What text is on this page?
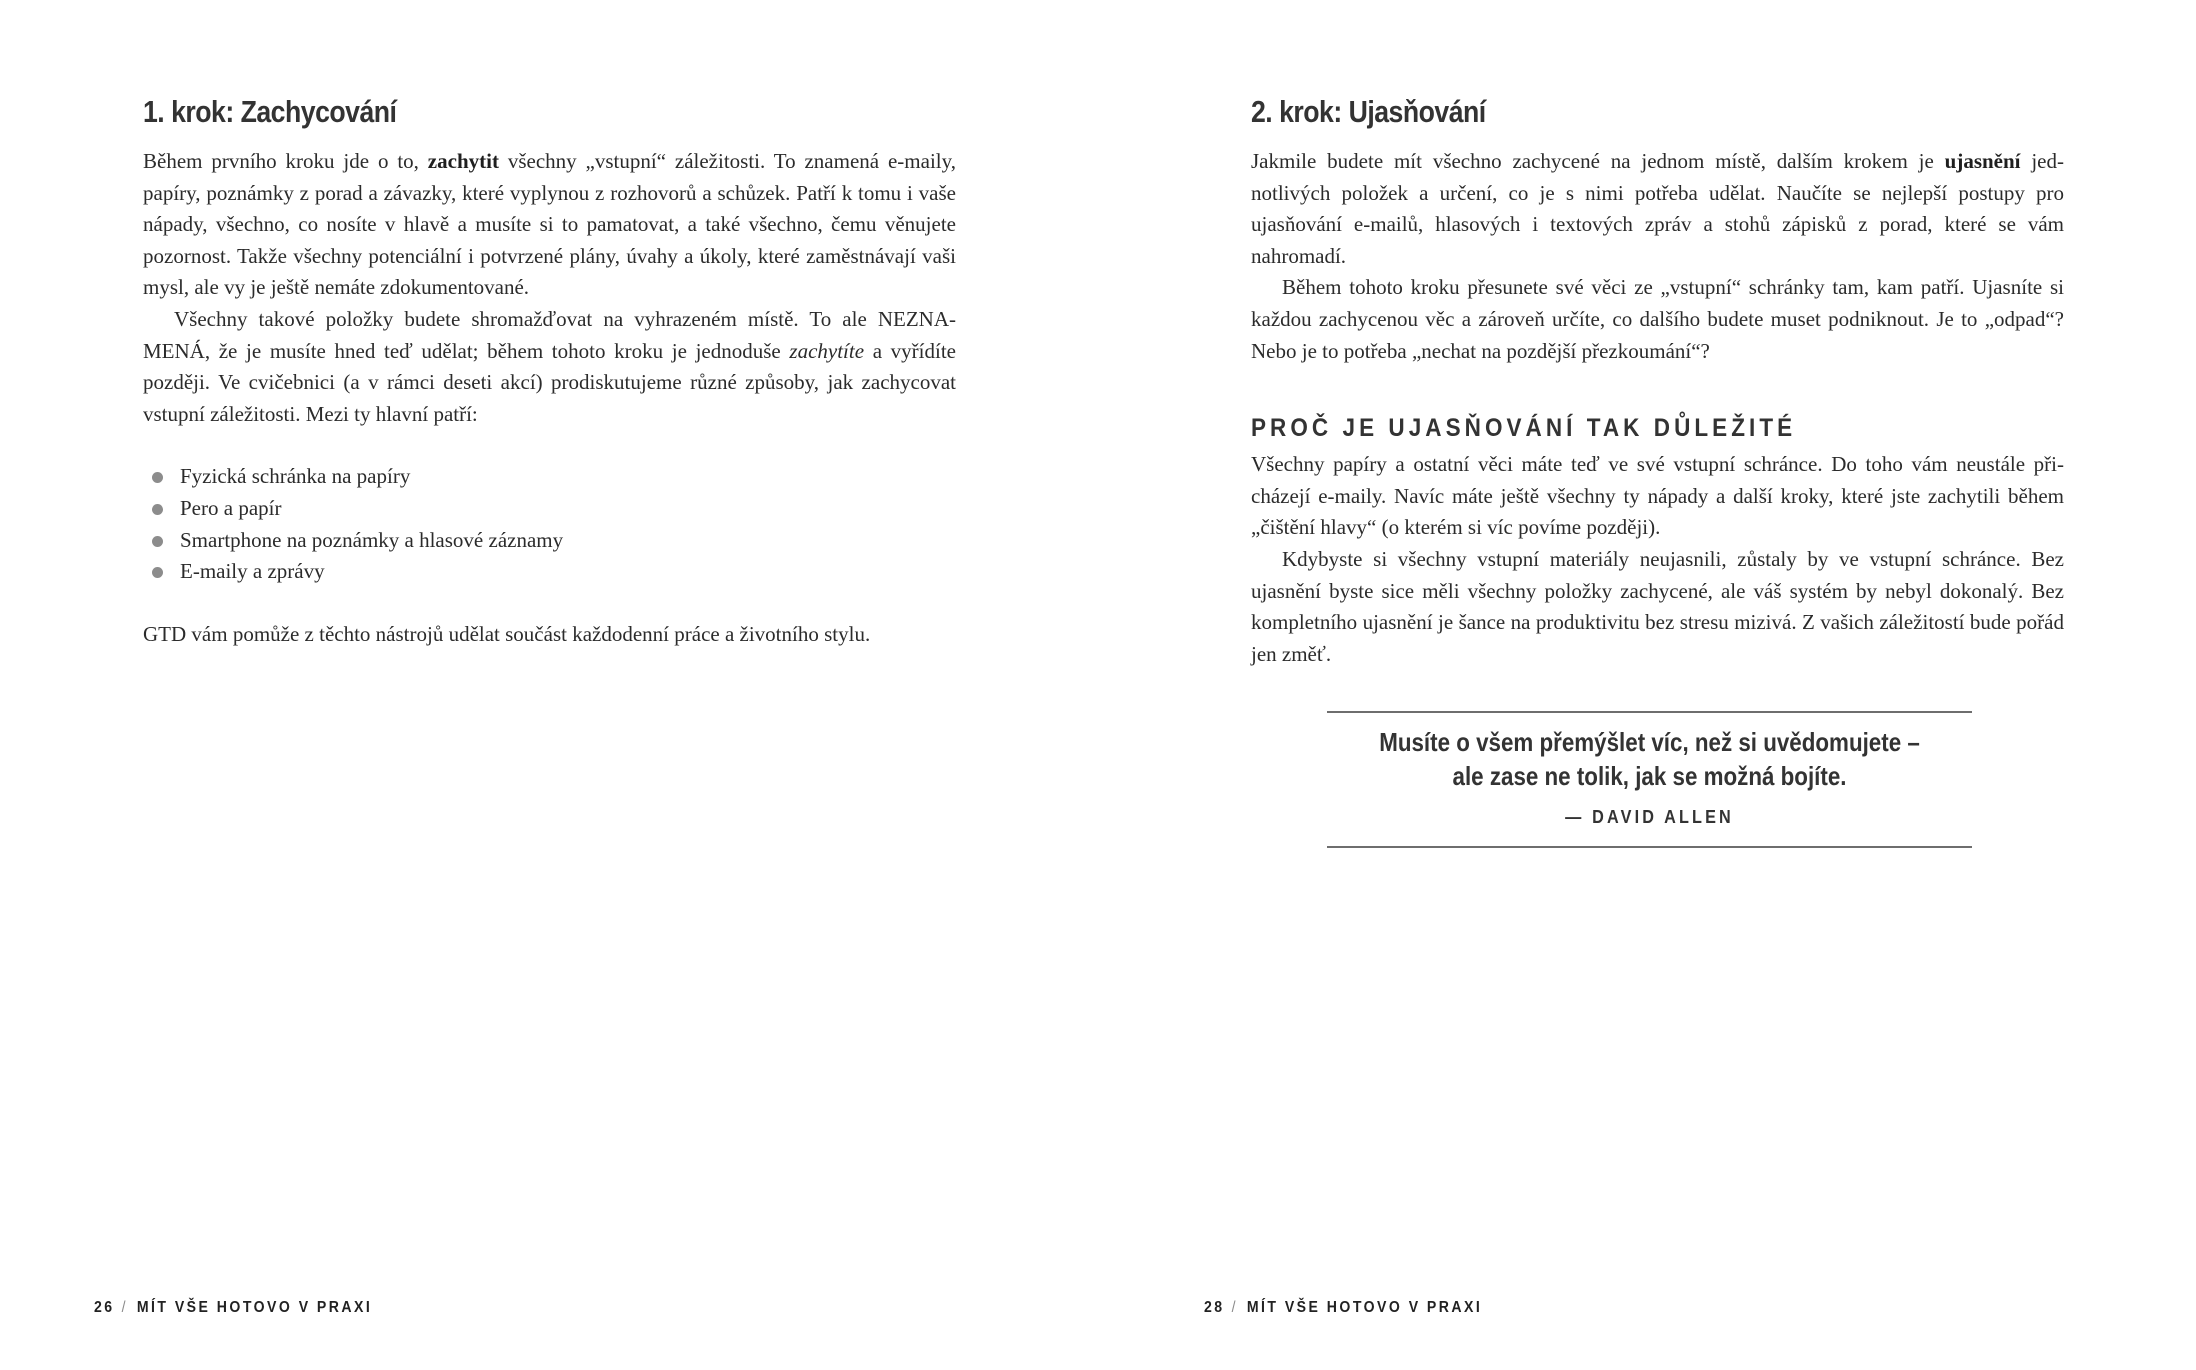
1. krok: Zachycování

Během prvního kroku jde o to, zachytit všechny „vstupní“ záležitosti. To znamená e-maily, papíry, poznámky z porad a závazky, které vyplynou z rozhovorů a schůzek. Patří k tomu i vaše nápady, všechno, co nosíte v hlavě a musíte si to pamatovat, a také všechno, čemu věnujete pozornost. Takže všechny potenciální i potvrzené plány, úvahy a úkoly, které zaměstnávají vaši mysl, ale vy je ještě nemáte zdokumentované.

Všechny takové položky budete shromažďovat na vyhrazeném místě. To ale NEZNAMENÁ, že je musíte hned teď udělat; během tohoto kroku je jednoduše zachytíte a vyřídíte později. Ve cvičebnici (a v rámci deseti akcí) prodiskutujeme různé způsoby, jak zachycovat vstupní záležitosti. Mezi ty hlavní patří:

Fyzická schránka na papíry
Pero a papír
Smartphone na poznámky a hlasové záznamy
E-maily a zprávy

GTD vám pomůže z těchto nástrojů udělat součást každodenní práce a životního stylu.

26 / MÍT VŠE HOTOVO V PRAXI
2. krok: Ujasňování

Jakmile budete mít všechno zachycené na jednom místě, dalším krokem je ujasnění jednotlivých položek a určení, co je s nimi potřeba udělat. Naučíte se nejlepší postupy pro ujasňování e-mailů, hlasových i textových zpráv a stohů zápisků z porad, které se vám nahromadí.

Během tohoto kroku přesunete své věci ze „vstupní“ schránky tam, kam patří. Ujasníte si každou zachycenou věc a zároveň určíte, co dalšího budete muset podniknout. Je to „odpad“? Nebo je to potřeba „nechat na pozdější přezkoumání“?

PROČ JE UJASŇOVÁNÍ TAK DŮLEŽITÉ

Všechny papíry a ostatní věci máte teď ve své vstupní schránce. Do toho vám neustále přicházejí e-maily. Navíc máte ještě všechny ty nápady a další kroky, které jste zachytili během „čištění hlavy“ (o kterém si víc povíme později).

Kdybyste si všechny vstupní materiály neujasnili, zůstaly by ve vstupní schránce. Bez ujasnění byste sice měli všechny položky zachycené, ale váš systém by nebyl dokonalý. Bez kompletního ujasnění je šance na produktivitu bez stresu mizivá. Z vašich záležitostí bude pořád jen změť.

Musíte o všem přemýšlet víc, než si uvědomujete –
ale zase ne tolik, jak se možná bojíte.
— DAVID ALLEN
28 / MÍT VŠE HOTOVO V PRAXI
